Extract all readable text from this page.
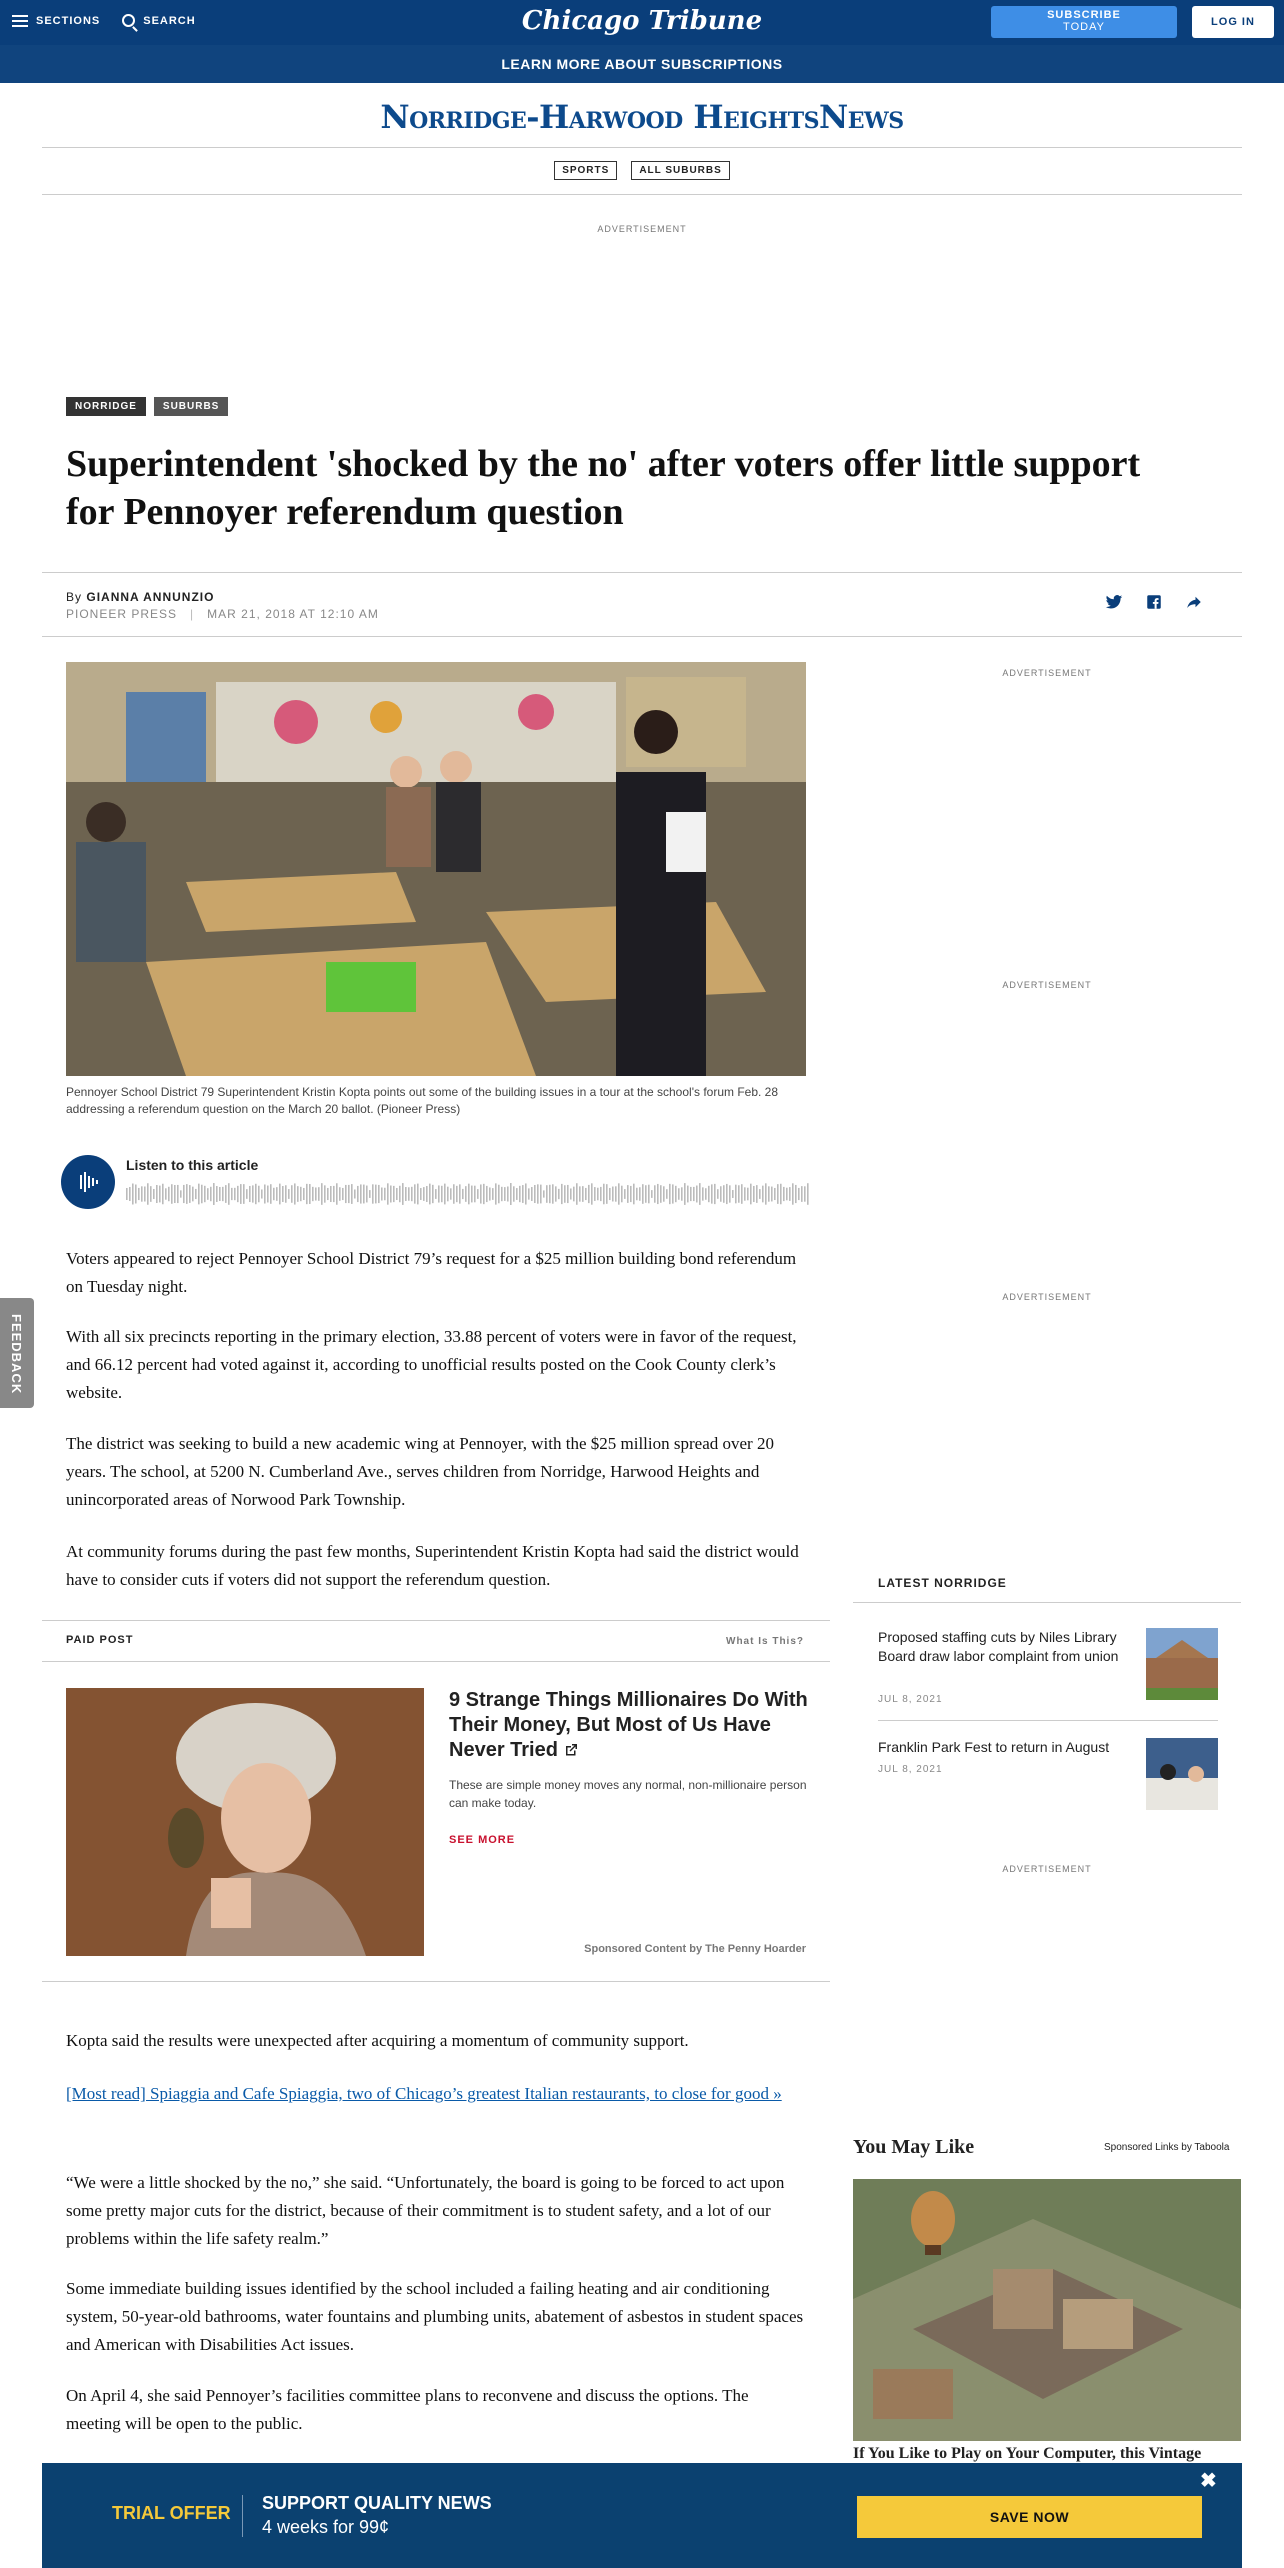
SECTIONS	SEARCH	Chicago Tribune	SUBSCRIBE
TODAY	LOG IN
LEARN MORE ABOUT SUBSCRIPTIONS
Norridge-Harwood HeightsNews
SPORTS	ALL SUBURBS
ADVERTISEMENT
NORRIDGE	SUBURBS
Superintendent 'shocked by the no' after voters offer little support for Pennoyer referendum question
By GIANNA ANNUNZIO
PIONEER PRESS   |   MAR 21, 2018 AT 12:10 AM
Pennoyer School District 79 Superintendent Kristin Kopta points out some of the building issues in a tour at the school's forum Feb. 28 addressing a referendum question on the March 20 ballot. (Pioneer Press)
Listen to this article

Voters appeared to reject Pennoyer School District 79’s request for a $25 million building bond referendum on Tuesday night.

With all six precincts reporting in the primary election, 33.88 percent of voters were in favor of the request, and 66.12 percent had voted against it, according to unofficial results posted on the Cook County clerk’s website.

The district was seeking to build a new academic wing at Pennoyer, with the $25 million spread over 20 years. The school, at 5200 N. Cumberland Ave., serves children from Norridge, Harwood Heights and unincorporated areas of Norwood Park Township.

At community forums during the past few months, Superintendent Kristin Kopta had said the district would have to consider cuts if voters did not support the referendum question.

Kopta said the results were unexpected after acquiring a momentum of community support.

[Most read] Spiaggia and Cafe Spiaggia, two of Chicago’s greatest Italian restaurants, to close for good »

“We were a little shocked by the no,” she said. “Unfortunately, the board is going to be forced to act upon some pretty major cuts for the district, because of their commitment is to student safety, and a lot of our problems within the life safety realm.”

Some immediate building issues identified by the school included a failing heating and air conditioning system, 50-year-old bathrooms, water fountains and plumbing units, abatement of asbestos in student spaces and American with Disabilities Act issues.

On April 4, she said Pennoyer’s facilities committee plans to reconvene and discuss the options. The meeting will be open to the public.

FEEDBACK
PAID POST	What Is This?
9 Strange Things Millionaires Do With Their Money, But Most of Us Have Never Tried
These are simple money moves any normal, non-millionaire person can make today.
SEE MORE
Sponsored Content by The Penny Hoarder
ADVERTISEMENT
ADVERTISEMENT
ADVERTISEMENT
LATEST NORRIDGE
Proposed staffing cuts by Niles Library Board draw labor complaint from union
JUL 8, 2021
Franklin Park Fest to return in August
JUL 8, 2021
ADVERTISEMENT
You May Like	Sponsored Links by Taboola
If You Like to Play on Your Computer, this Vintage
TRIAL OFFER SUPPORT QUALITY NEWS
4 weeks for 99¢	SAVE NOW
✖
